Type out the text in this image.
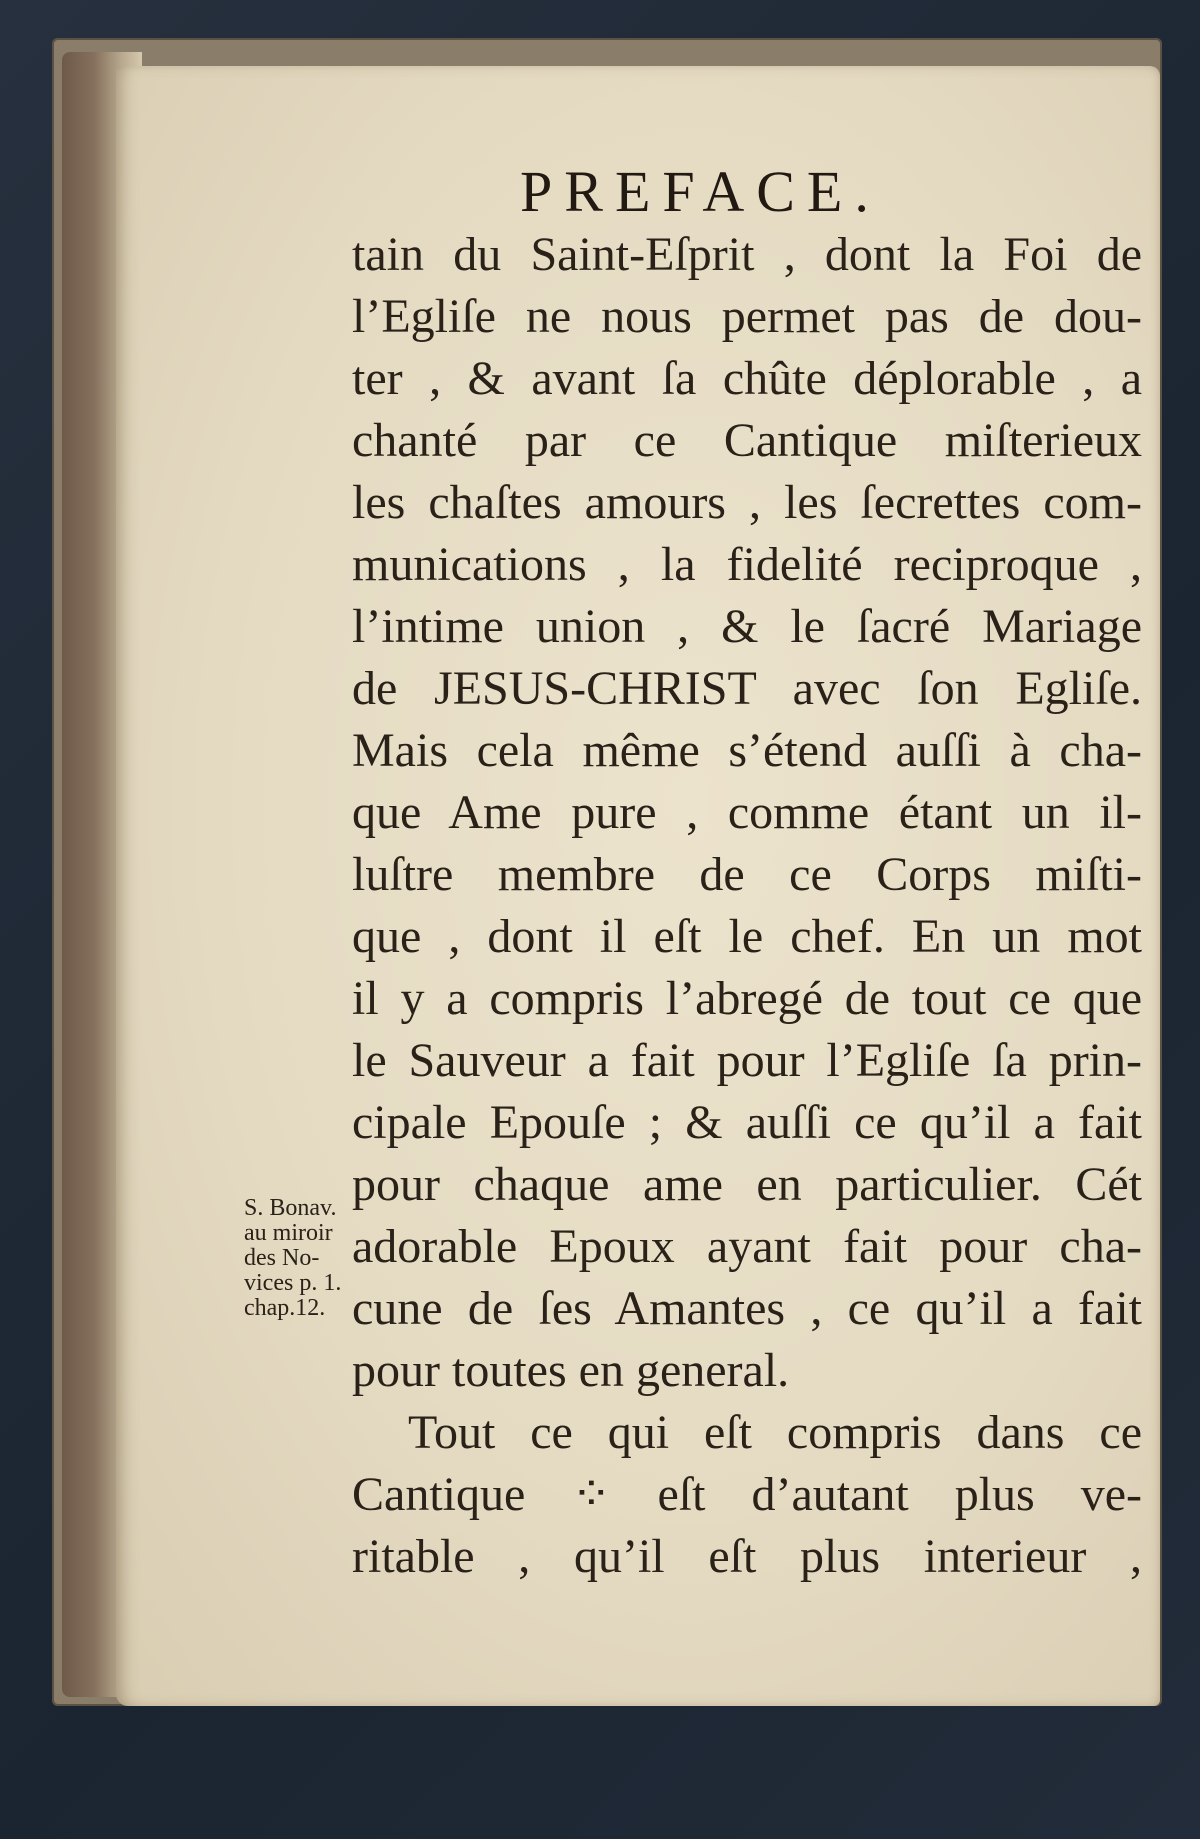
PREFACE.
tain du Saint-Eſprit , dont la Foi de
l’Egliſe ne nous permet pas de dou-
ter , & avant ſa chûte déplorable , a
chanté par ce Cantique miſterieux
les chaſtes amours , les ſecrettes com-
munications , la fidelité reciproque ,
l’intime union , & le ſacré Mariage
de JESUS-CHRIST avec ſon Egliſe.
Mais cela même s’étend auſſi à cha-
que Ame pure , comme étant un il-
luſtre membre de ce Corps miſti-
que , dont il eſt le chef. En un mot
il y a compris l’abregé de tout ce que
le Sauveur a fait pour l’Egliſe ſa prin-
cipale Epouſe ; & auſſi ce qu’il a fait
pour chaque ame en particulier. Cét
adorable Epoux ayant fait pour cha-
cune de ſes Amantes , ce qu’il a fait
pour toutes en general.
Tout ce qui eſt compris dans ce
Cantique ⁘ eſt d’autant plus ve-
ritable , qu’il eſt plus interieur ,
S. Bonav.
au miroir
des No-
vices p. 1.
chap.12.
